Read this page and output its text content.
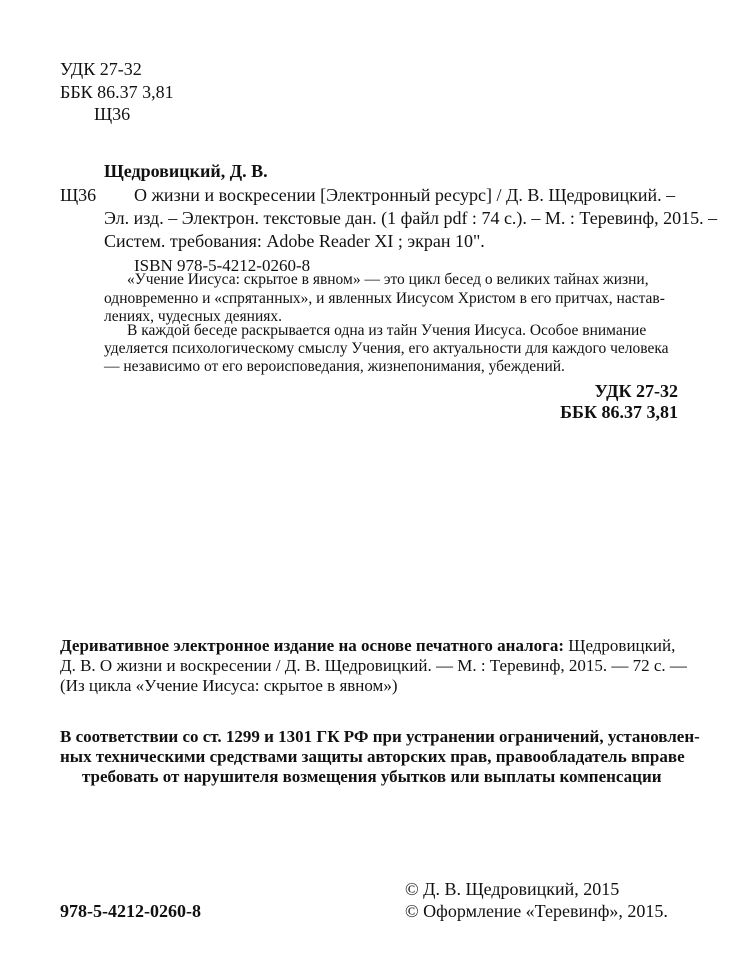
УДК 27-32
ББК 86.37 3,81
Щ36
Щедровицкий, Д. В.
Щ36 О жизни и воскресении [Электронный ресурс] / Д. В. Щедровицкий. –
Эл. изд. – Электрон. текстовые дан. (1 файл pdf : 74 с.). – М. : Теревинф, 2015. –
Систем. требования: Adobe Reader XI ; экран 10".
ISBN 978-5-4212-0260-8
«Учение Иисуса: скрытое в явном» — это цикл бесед о великих тайнах жизни,
одновременно и «спрятанных», и явленных Иисусом Христом в его притчах, настав-
лениях, чудесных деяниях.
В каждой беседе раскрывается одна из тайн Учения Иисуса. Особое внимание
уделяется психологическому смыслу Учения, его актуальности для каждого человека
— независимо от его вероисповедания, жизнепонимания, убеждений.
УДК 27-32
ББК 86.37 3,81
Деривативное электронное издание на основе печатного аналога: Щедровицкий,
Д. В. О жизни и воскресении / Д. В. Щедровицкий. — М. : Теревинф, 2015. — 72 с. —
(Из цикла «Учение Иисуса: скрытое в явном»)
В соответствии со ст. 1299 и 1301 ГК РФ при устранении ограничений, установлен-
ных техническими средствами защиты авторских прав, правообладатель вправе
требовать от нарушителя возмещения убытков или выплаты компенсации
© Д. В. Щедровицкий, 2015
978-5-4212-0260-8	© Оформление «Теревинф», 2015.
